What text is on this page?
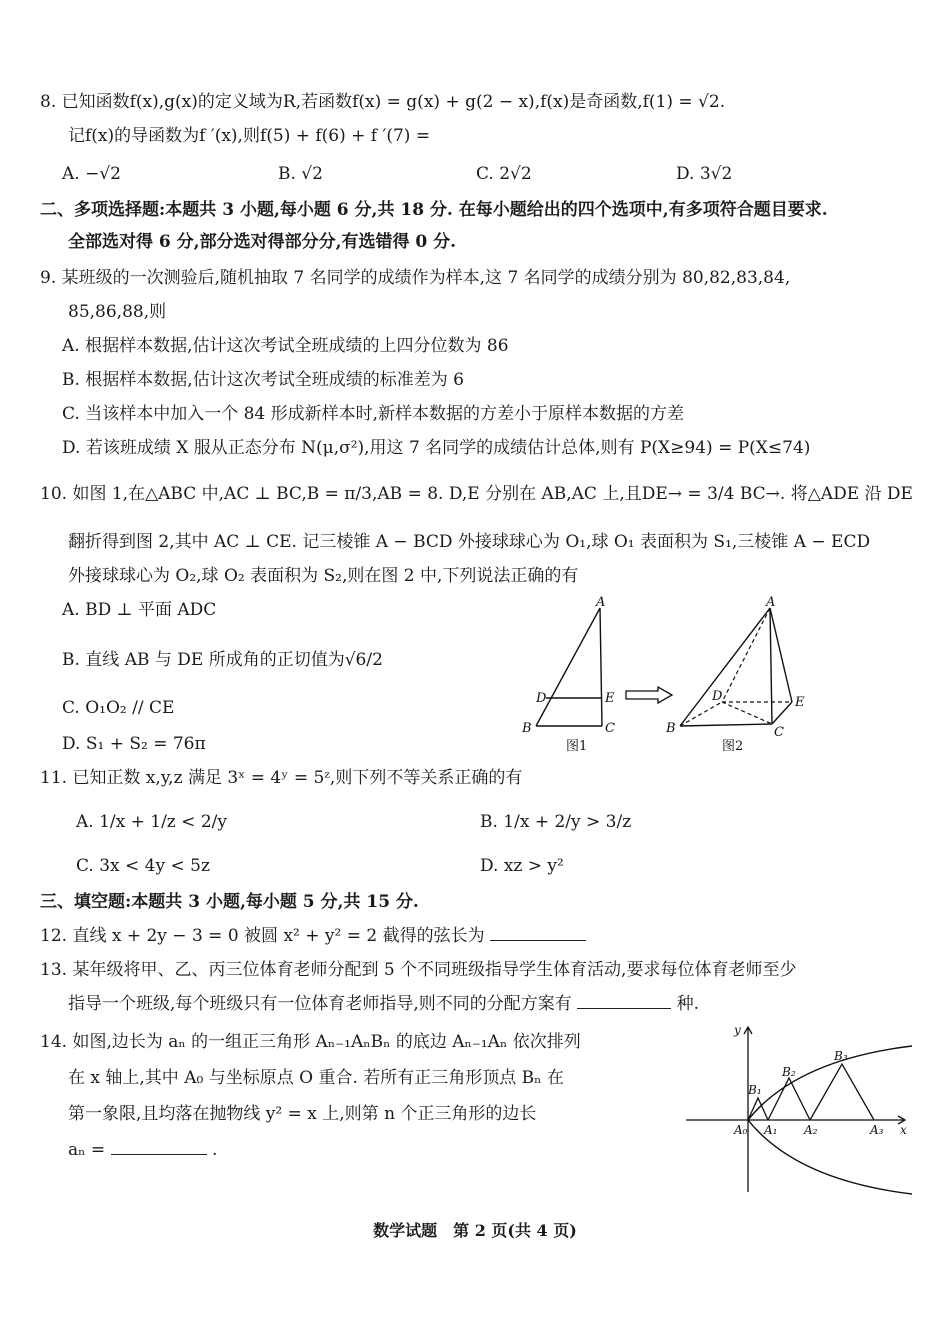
8. 已知函数f(x),g(x)的定义域为R,若函数f(x) = g(x) + g(2 − x),f(x)是奇函数,f(1) = √2.
记f(x)的导函数为f ′(x),则f(5) + f(6) + f ′(7) =
A. −√2	B. √2	C. 2√2	D. 3√2
二、多项选择题:本题共 3 小题,每小题 6 分,共 18 分. 在每小题给出的四个选项中,有多项符合题目要求.
全部选对得 6 分,部分选对得部分分,有选错得 0 分.
9. 某班级的一次测验后,随机抽取 7 名同学的成绩作为样本,这 7 名同学的成绩分别为 80,82,83,84,
85,86,88,则
A. 根据样本数据,估计这次考试全班成绩的上四分位数为 86
B. 根据样本数据,估计这次考试全班成绩的标准差为 6
C. 当该样本中加入一个 84 形成新样本时,新样本数据的方差小于原样本数据的方差
D. 若该班成绩 X 服从正态分布 N(μ,σ²),用这 7 名同学的成绩估计总体,则有 P(X≥94) = P(X≤74)
10. 如图 1,在△ABC 中,AC ⊥ BC,B = π/3,AB = 8. D,E 分别在 AB,AC 上,且DE→ = 3/4 BC→. 将△ADE 沿 DE
翻折得到图 2,其中 AC ⊥ CE. 记三棱锥 A − BCD 外接球球心为 O₁,球 O₁ 表面积为 S₁,三棱锥 A − ECD
外接球球心为 O₂,球 O₂ 表面积为 S₂,则在图 2 中,下列说法正确的有
A. BD ⊥ 平面 ADC
B. 直线 AB 与 DE 所成角的正切值为√6/2
C. O₁O₂ // CE
D. S₁ + S₂ = 76π
A
D	E
B	C
图1
A
D	E
B	C
图2
11. 已知正数 x,y,z 满足 3ˣ = 4ʸ = 5ᶻ,则下列不等关系正确的有
A. 1/x + 1/z < 2/y	B. 1/x + 2/y > 3/z
C. 3x < 4y < 5z	D. xz > y²
三、填空题:本题共 3 小题,每小题 5 分,共 15 分.
12. 直线 x + 2y − 3 = 0 被圆 x² + y² = 2 截得的弦长为
13. 某年级将甲、乙、丙三位体育老师分配到 5 个不同班级指导学生体育活动,要求每位体育老师至少
指导一个班级,每个班级只有一位体育老师指导,则不同的分配方案有	种.
14. 如图,边长为 aₙ 的一组正三角形 Aₙ₋₁AₙBₙ 的底边 Aₙ₋₁Aₙ 依次排列
在 x 轴上,其中 A₀ 与坐标原点 O 重合. 若所有正三角形顶点 Bₙ 在
第一象限,且均落在抛物线 y² = x 上,则第 n 个正三角形的边长
aₙ =	.
y
x
A₀ A₁ A₂	A₃
B₁
B₂
B₃
数学试题　第 2 页(共 4 页)
